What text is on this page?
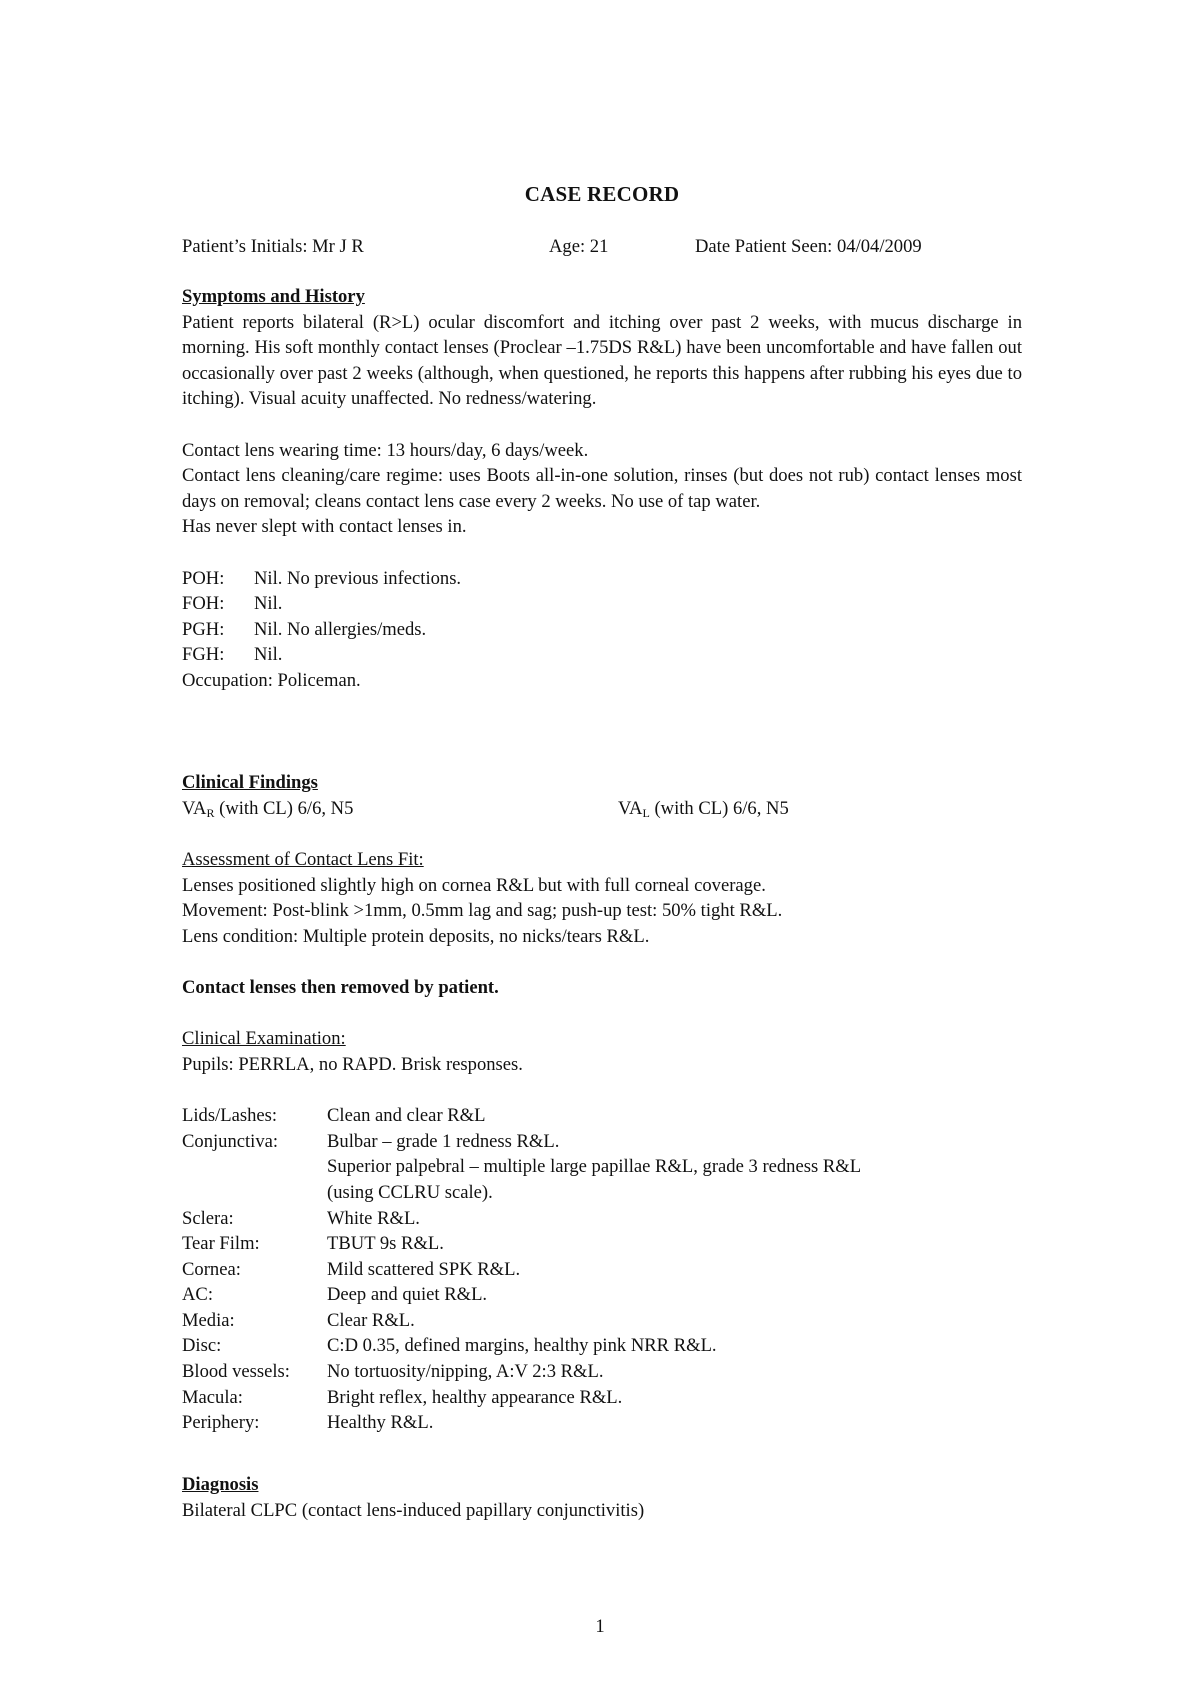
CASE RECORD
Patient’s Initials: Mr J R	Age: 21	Date Patient Seen: 04/04/2009
Symptoms and History
Patient reports bilateral (R>L) ocular discomfort and itching over past 2 weeks, with mucus discharge in morning. His soft monthly contact lenses (Proclear –1.75DS R&L) have been uncomfortable and have fallen out occasionally over past 2 weeks (although, when questioned, he reports this happens after rubbing his eyes due to itching). Visual acuity unaffected. No redness/watering.
Contact lens wearing time: 13 hours/day, 6 days/week.
Contact lens cleaning/care regime: uses Boots all-in-one solution, rinses (but does not rub) contact lenses most days on removal; cleans contact lens case every 2 weeks. No use of tap water.
Has never slept with contact lenses in.
POH:	Nil. No previous infections.
FOH:	Nil.
PGH:	Nil. No allergies/meds.
FGH:	Nil.
Occupation: Policeman.
Clinical Findings
$VA_R$ (with CL) 6/6, N5	$VA_L$ (with CL) 6/6, N5
Assessment of Contact Lens Fit:
Lenses positioned slightly high on cornea R&L but with full corneal coverage.
Movement: Post-blink >1mm, 0.5mm lag and sag; push-up test: 50% tight R&L.
Lens condition: Multiple protein deposits, no nicks/tears R&L.
Contact lenses then removed by patient.
Clinical Examination:
Pupils: PERRLA, no RAPD. Brisk responses.
Lids/Lashes:	Clean and clear R&L
Conjunctiva:	Bulbar – grade 1 redness R&L.
Superior palpebral – multiple large papillae R&L, grade 3 redness R&L
(using CCLRU scale).
Sclera:	White R&L.
Tear Film:	TBUT 9s R&L.
Cornea:	Mild scattered SPK R&L.
AC:	Deep and quiet R&L.
Media:	Clear R&L.
Disc:	C:D 0.35, defined margins, healthy pink NRR R&L.
Blood vessels:	No tortuosity/nipping, A:V 2:3 R&L.
Macula:	Bright reflex, healthy appearance R&L.
Periphery:	Healthy R&L.
Diagnosis
Bilateral CLPC (contact lens-induced papillary conjunctivitis)
1
